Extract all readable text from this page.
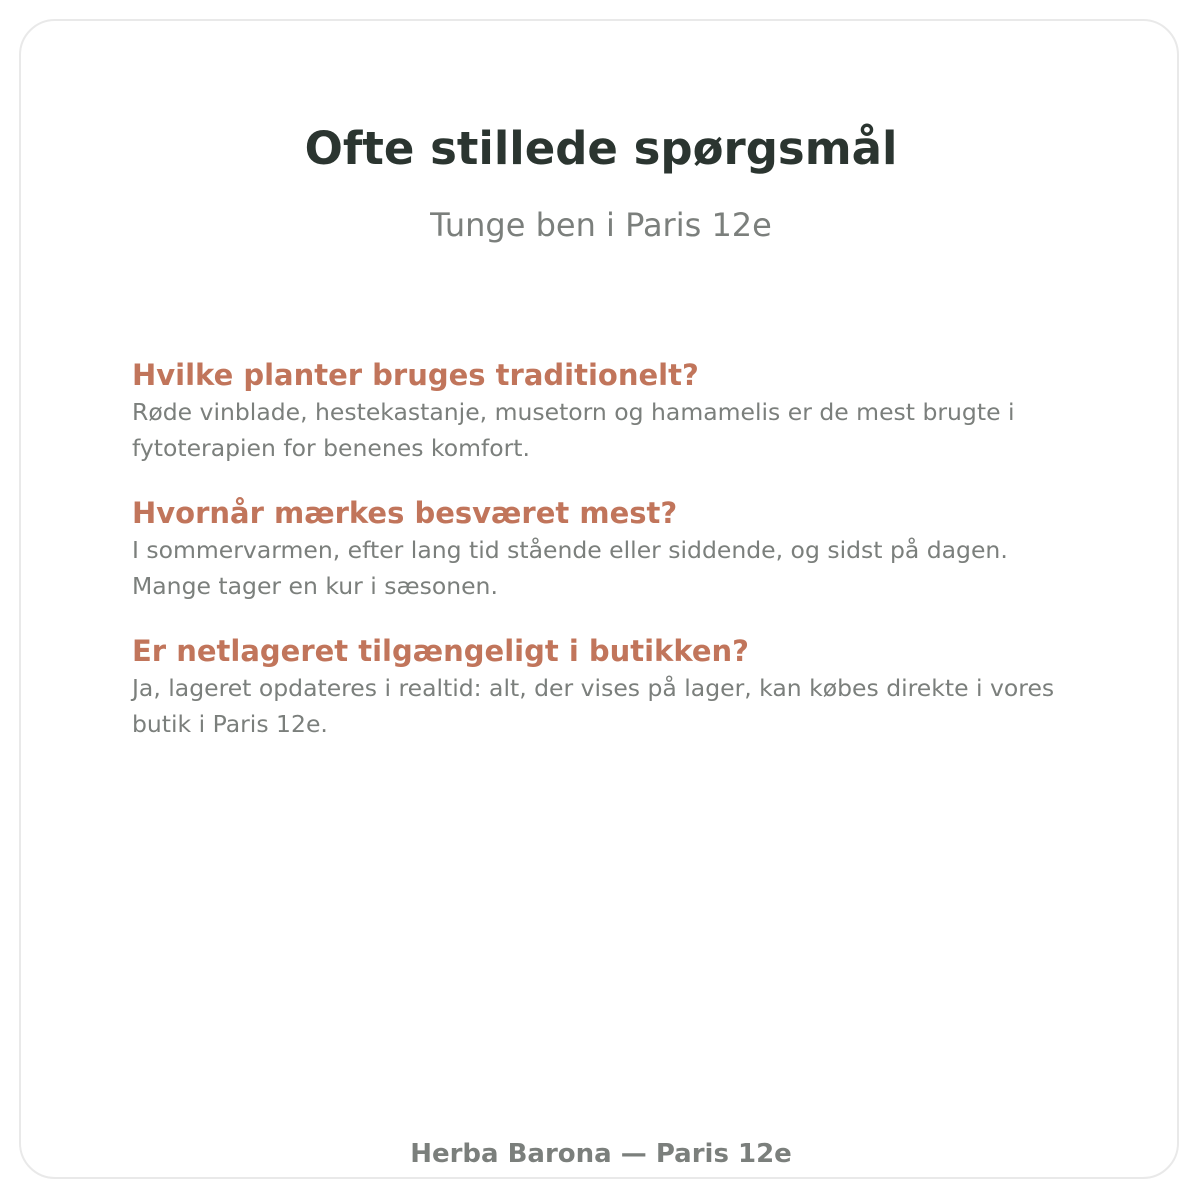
Ofte stillede spørgsmål

Tunge ben i Paris 12e

Hvilke planter bruges traditionelt?

Røde vinblade, hestekastanje, musetorn og hamamelis er de mest brugte i fytoterapien for benenes komfort.

Hvornår mærkes besværet mest?

I sommervarmen, efter lang tid stående eller siddende, og sidst på dagen. Mange tager en kur i sæsonen.

Er netlageret tilgængeligt i butikken?

Ja, lageret opdateres i realtid: alt, der vises på lager, kan købes direkte i vores butik i Paris 12e.

Herba Barona — Paris 12e
